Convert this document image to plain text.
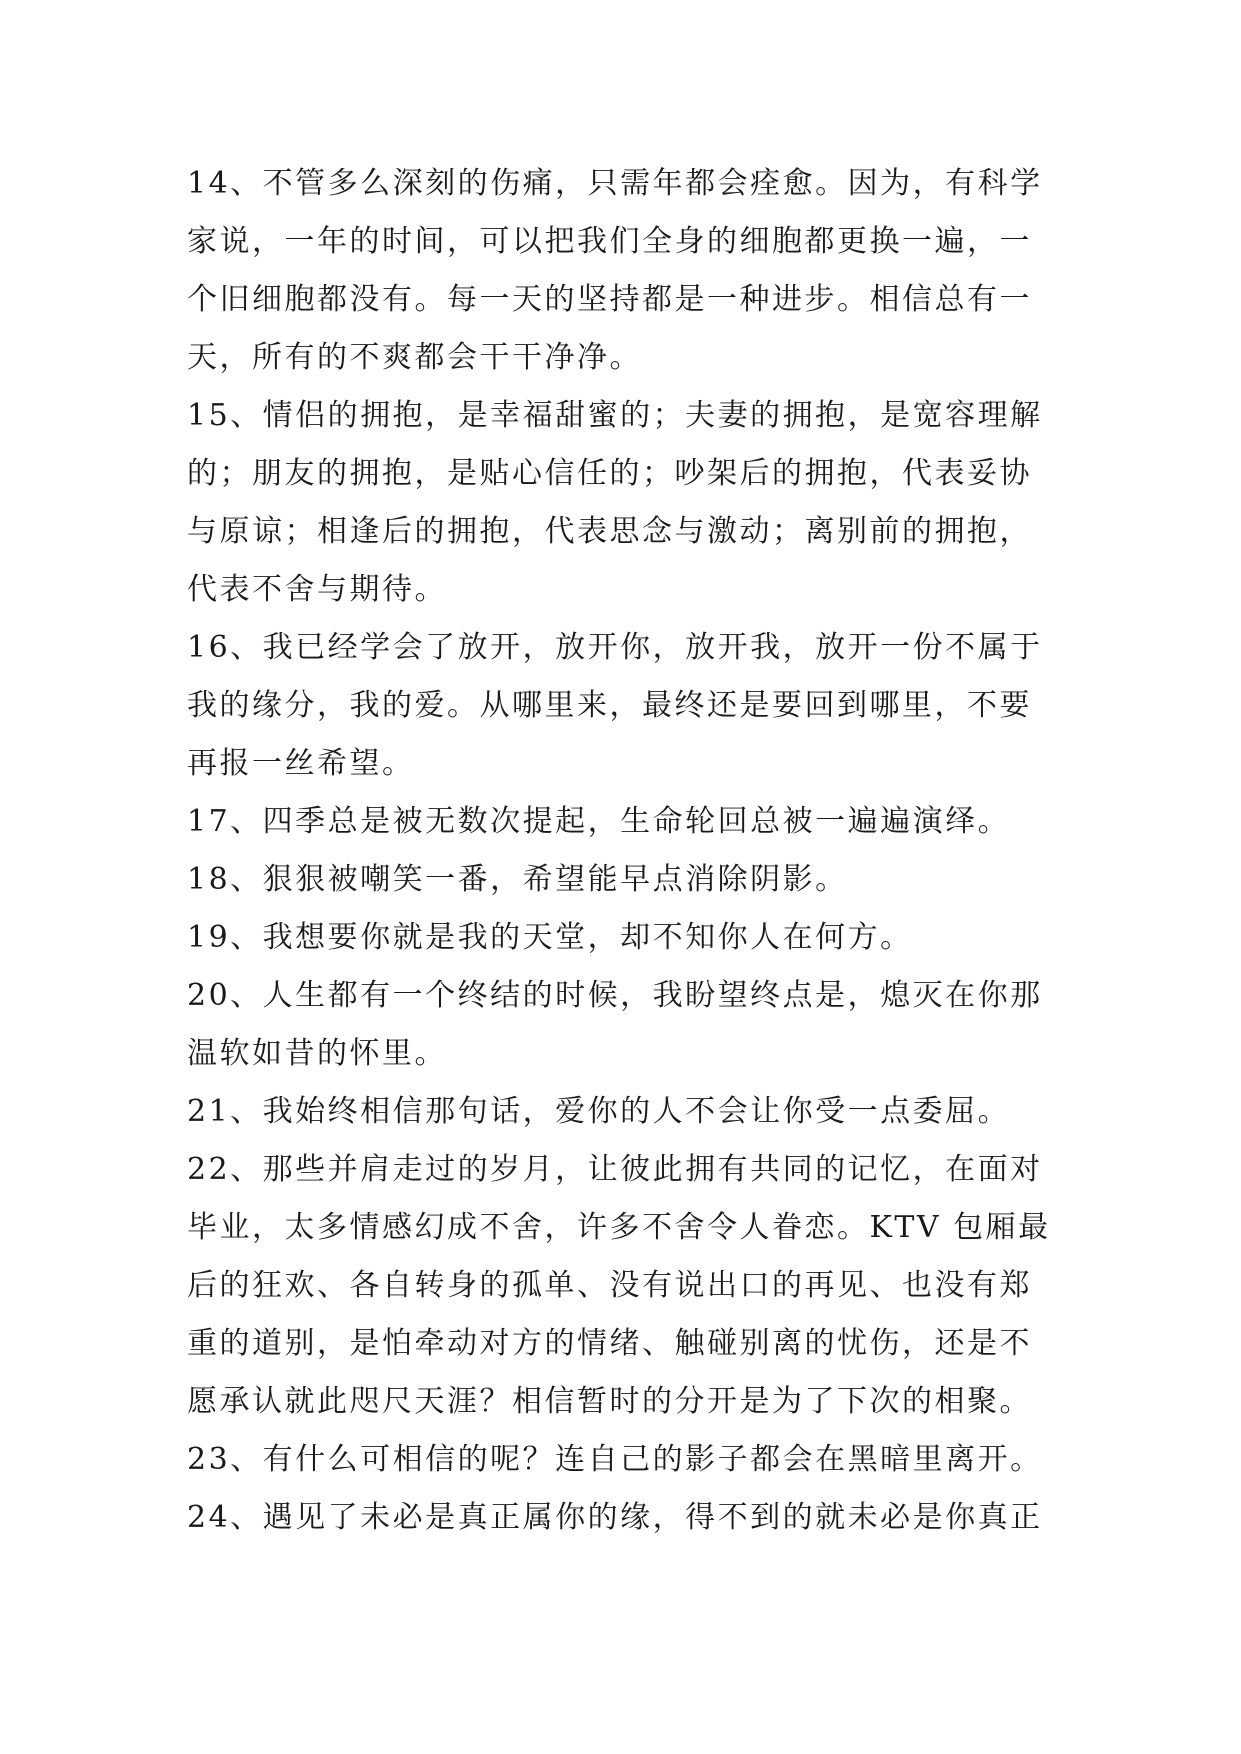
14、不管多么深刻的伤痛，只需年都会痊愈。因为，有科学
家说，一年的时间，可以把我们全身的细胞都更换一遍，一
个旧细胞都没有。每一天的坚持都是一种进步。相信总有一
天，所有的不爽都会干干净净。
15、情侣的拥抱，是幸福甜蜜的；夫妻的拥抱，是宽容理解
的；朋友的拥抱，是贴心信任的；吵架后的拥抱，代表妥协
与原谅；相逢后的拥抱，代表思念与激动；离别前的拥抱，
代表不舍与期待。
16、我已经学会了放开，放开你，放开我，放开一份不属于
我的缘分，我的爱。从哪里来，最终还是要回到哪里，不要
再报一丝希望。
17、四季总是被无数次提起，生命轮回总被一遍遍演绎。
18、狠狠被嘲笑一番，希望能早点消除阴影。
19、我想要你就是我的天堂，却不知你人在何方。
20、人生都有一个终结的时候，我盼望终点是，熄灭在你那
温软如昔的怀里。
21、我始终相信那句话，爱你的人不会让你受一点委屈。
22、那些并肩走过的岁月，让彼此拥有共同的记忆，在面对
毕业，太多情感幻成不舍，许多不舍令人眷恋。KTV 包厢最
后的狂欢、各自转身的孤单、没有说出口的再见、也没有郑
重的道别，是怕牵动对方的情绪、触碰别离的忧伤，还是不
愿承认就此咫尺天涯？相信暂时的分开是为了下次的相聚。
23、有什么可相信的呢？连自己的影子都会在黑暗里离开。
24、遇见了未必是真正属你的缘，得不到的就未必是你真正
